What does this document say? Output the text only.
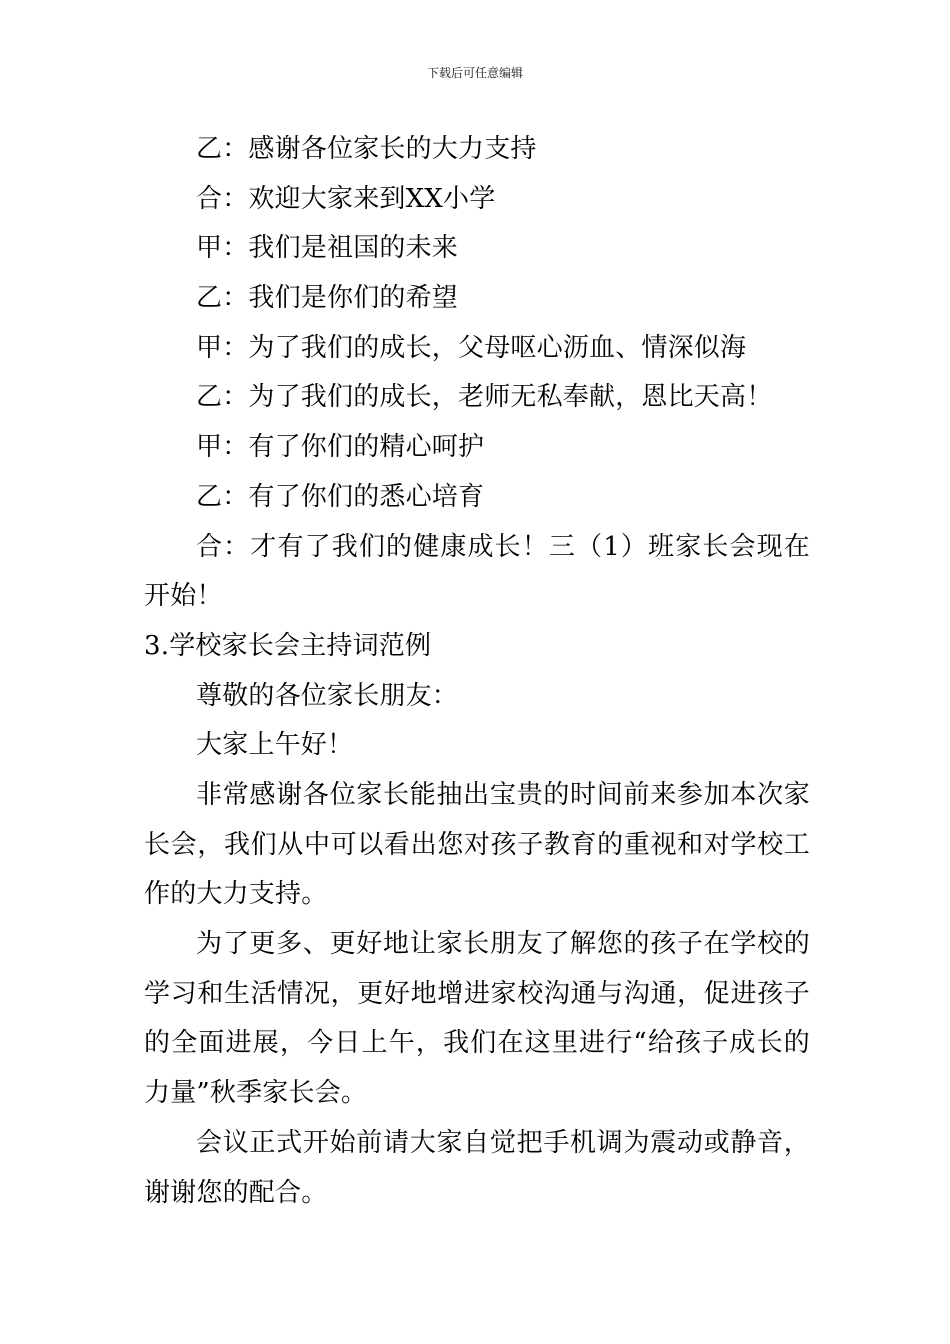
下载后可任意编辑
乙：感谢各位家长的大力支持
合：欢迎大家来到XX小学
甲：我们是祖国的未来
乙：我们是你们的希望
甲：为了我们的成长，父母呕心沥血、情深似海
乙：为了我们的成长，老师无私奉献，恩比天高！
甲：有了你们的精心呵护
乙：有了你们的悉心培育
合：才有了我们的健康成长！三（1）班家长会现在开始！
3.学校家长会主持词范例
尊敬的各位家长朋友：
大家上午好！
非常感谢各位家长能抽出宝贵的时间前来参加本次家长会，我们从中可以看出您对孩子教育的重视和对学校工作的大力支持。
为了更多、更好地让家长朋友了解您的孩子在学校的学习和生活情况，更好地增进家校沟通与沟通，促进孩子的全面进展，今日上午，我们在这里进行“给孩子成长的力量”秋季家长会。
会议正式开始前请大家自觉把手机调为震动或静音，谢谢您的配合。
